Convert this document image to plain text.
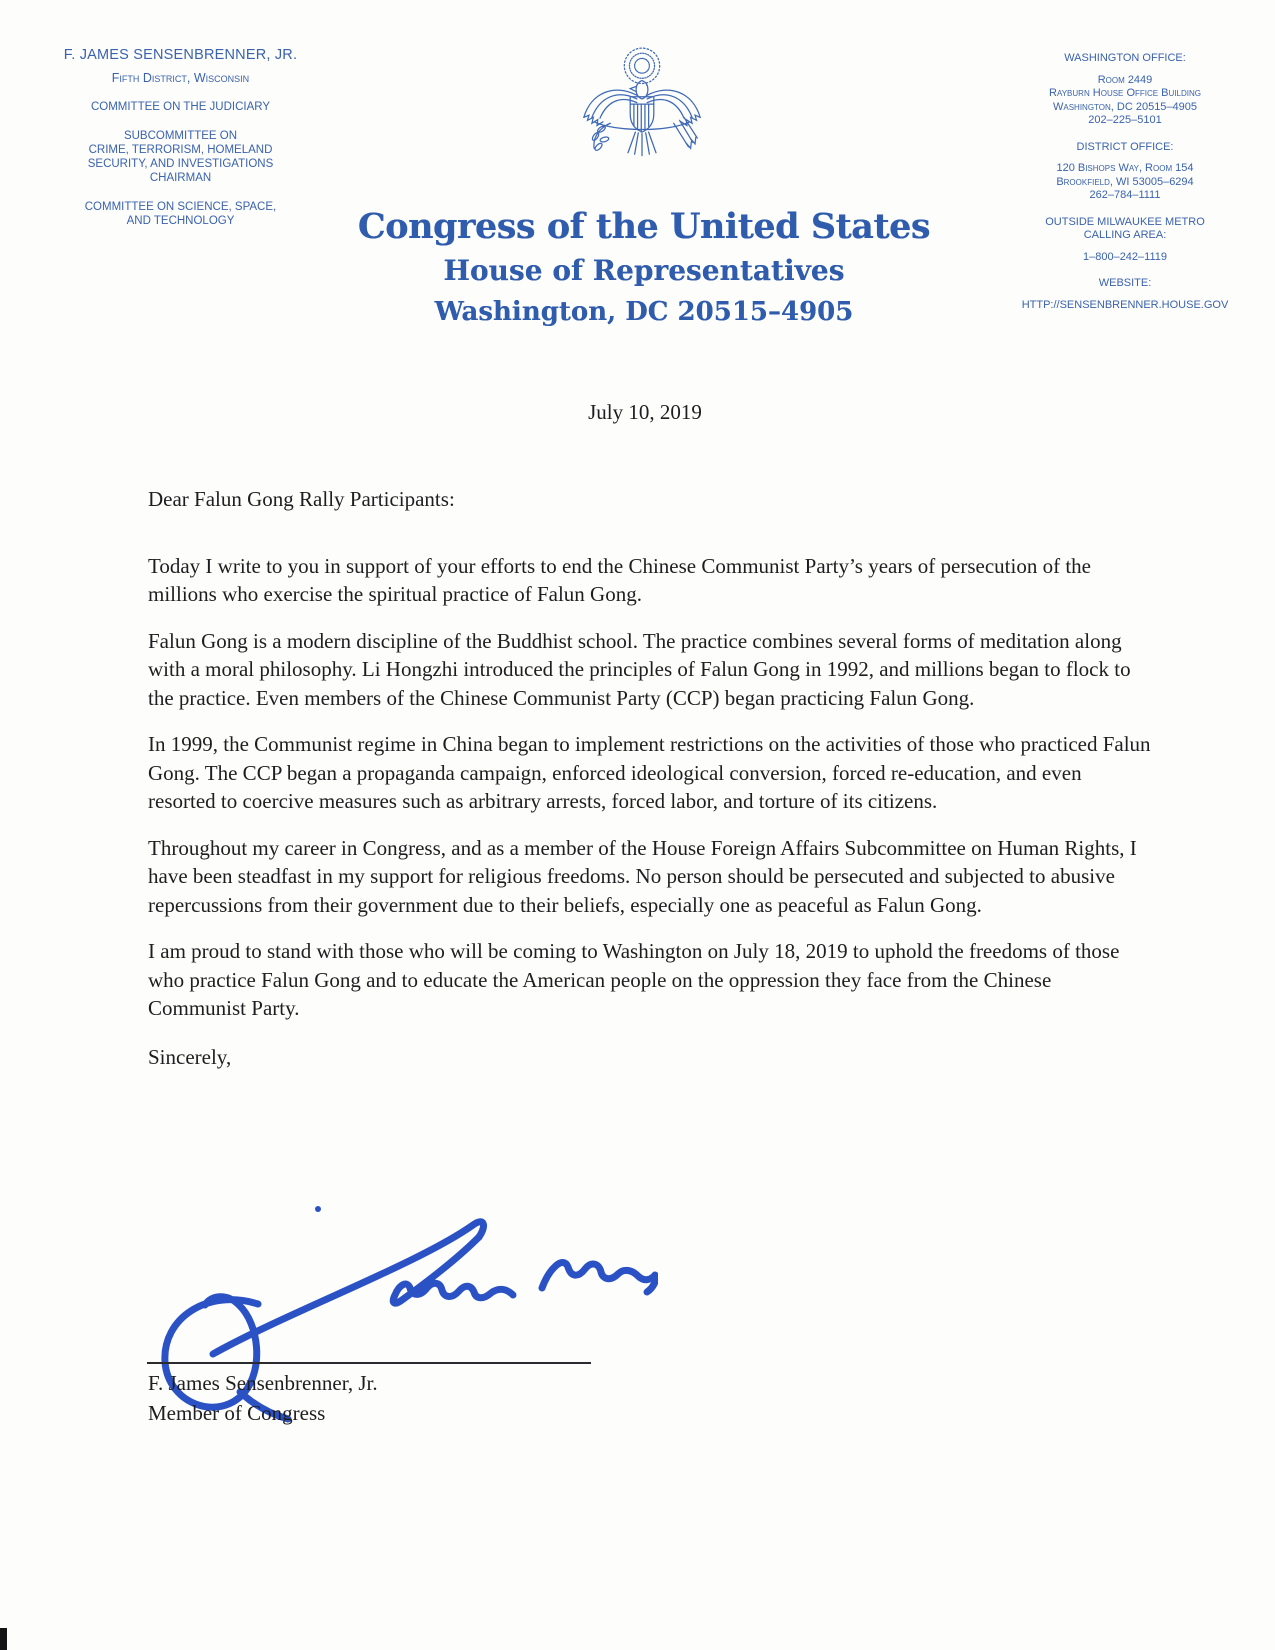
F. JAMES SENSENBRENNER, JR.
Fifth District, Wisconsin
COMMITTEE ON THE JUDICIARY
SUBCOMMITTEE ON
CRIME, TERRORISM, HOMELAND
SECURITY, AND INVESTIGATIONS
CHAIRMAN
COMMITTEE ON SCIENCE, SPACE,
AND TECHNOLOGY	Congress of the United States
House of Representatives
Washington, DC 20515–4905
WASHINGTON OFFICE:
Room 2449
Rayburn House Office Building
Washington, DC 20515–4905
202–225–5101
DISTRICT OFFICE:
120 Bishops Way, Room 154
Brookfield, WI 53005–6294
262–784–1111
OUTSIDE MILWAUKEE METRO
CALLING AREA:
1–800–242–1119
WEBSITE:
HTTP://SENSENBRENNER.HOUSE.GOV
July 10, 2019
Dear Falun Gong Rally Participants:

Today I write to you in support of your efforts to end the Chinese Communist Party’s years of persecution of the millions who exercise the spiritual practice of Falun Gong.

Falun Gong is a modern discipline of the Buddhist school. The practice combines several forms of meditation along with a moral philosophy. Li Hongzhi introduced the principles of Falun Gong in 1992, and millions began to flock to the practice. Even members of the Chinese Communist Party (CCP) began practicing Falun Gong.

In 1999, the Communist regime in China began to implement restrictions on the activities of those who practiced Falun Gong. The CCP began a propaganda campaign, enforced ideological conversion, forced re-education, and even resorted to coercive measures such as arbitrary arrests, forced labor, and torture of its citizens.

Throughout my career in Congress, and as a member of the House Foreign Affairs Subcommittee on Human Rights, I have been steadfast in my support for religious freedoms. No person should be persecuted and subjected to abusive repercussions from their government due to their beliefs, especially one as peaceful as Falun Gong.

I am proud to stand with those who will be coming to Washington on July 18, 2019 to uphold the freedoms of those who practice Falun Gong and to educate the American people on the oppression they face from the Chinese Communist Party.

Sincerely,
F. James Sensenbrenner, Jr.
Member of Congress
